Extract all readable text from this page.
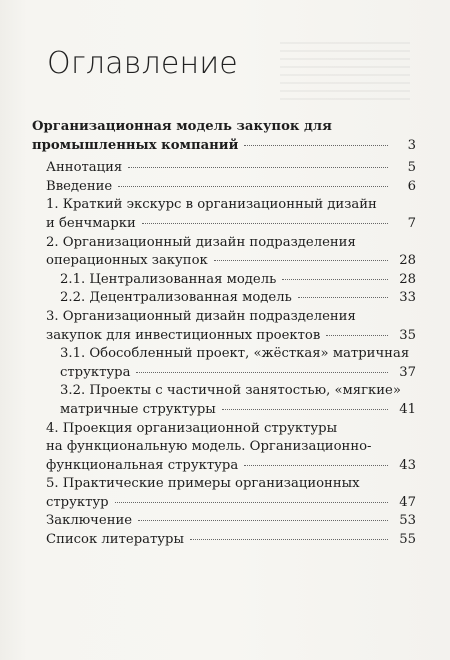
Оглавление
Организационная модель закупок для
промышленных компаний	3
Аннотация	5
Введение	6
1. Краткий экскурс в организационный дизайн
и бенчмарки	7
2. Организационный дизайн подразделения
операционных закупок	28
2.1. Централизованная модель	28
2.2. Децентрализованная модель	33
3. Организационный дизайн подразделения
закупок для инвестиционных проектов	35
3.1. Обособленный проект, «жёсткая» матричная
структура	37
3.2. Проекты с частичной занятостью, «мягкие»
матричные структуры	41
4. Проекция организационной структуры
на функциональную модель. Организационно-
функциональная структура	43
5. Практические примеры организационных
структур	47
Заключение	53
Список литературы	55
